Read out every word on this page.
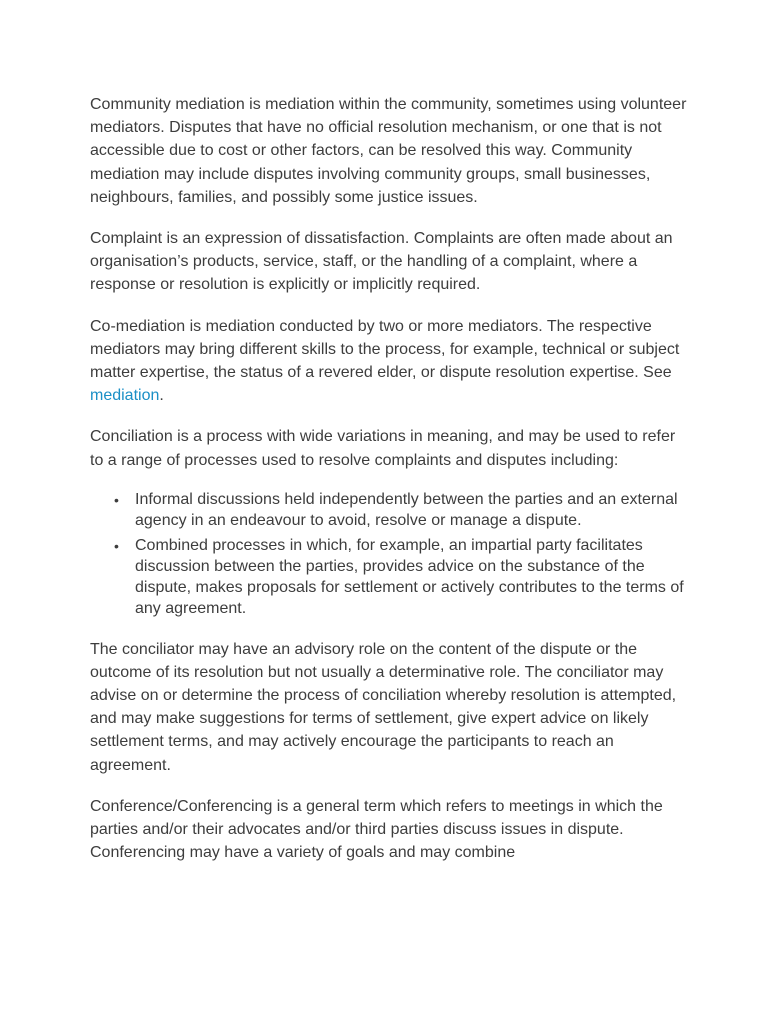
Community mediation is mediation within the community, sometimes using volunteer mediators. Disputes that have no official resolution mechanism, or one that is not accessible due to cost or other factors, can be resolved this way. Community mediation may include disputes involving community groups, small businesses, neighbours, families, and possibly some justice issues.

Complaint is an expression of dissatisfaction. Complaints are often made about an organisation’s products, service, staff, or the handling of a complaint, where a response or resolution is explicitly or implicitly required.

Co-mediation is mediation conducted by two or more mediators. The respective mediators may bring different skills to the process, for example, technical or subject matter expertise, the status of a revered elder, or dispute resolution expertise. See mediation.

Conciliation is a process with wide variations in meaning, and may be used to refer to a range of processes used to resolve complaints and disputes including:

• Informal discussions held independently between the parties and an external agency in an endeavour to avoid, resolve or manage a dispute.
• Combined processes in which, for example, an impartial party facilitates discussion between the parties, provides advice on the substance of the dispute, makes proposals for settlement or actively contributes to the terms of any agreement.

The conciliator may have an advisory role on the content of the dispute or the outcome of its resolution but not usually a determinative role. The conciliator may advise on or determine the process of conciliation whereby resolution is attempted, and may make suggestions for terms of settlement, give expert advice on likely settlement terms, and may actively encourage the participants to reach an agreement.

Conference/Conferencing is a general term which refers to meetings in which the parties and/or their advocates and/or third parties discuss issues in dispute. Conferencing may have a variety of goals and may combine
